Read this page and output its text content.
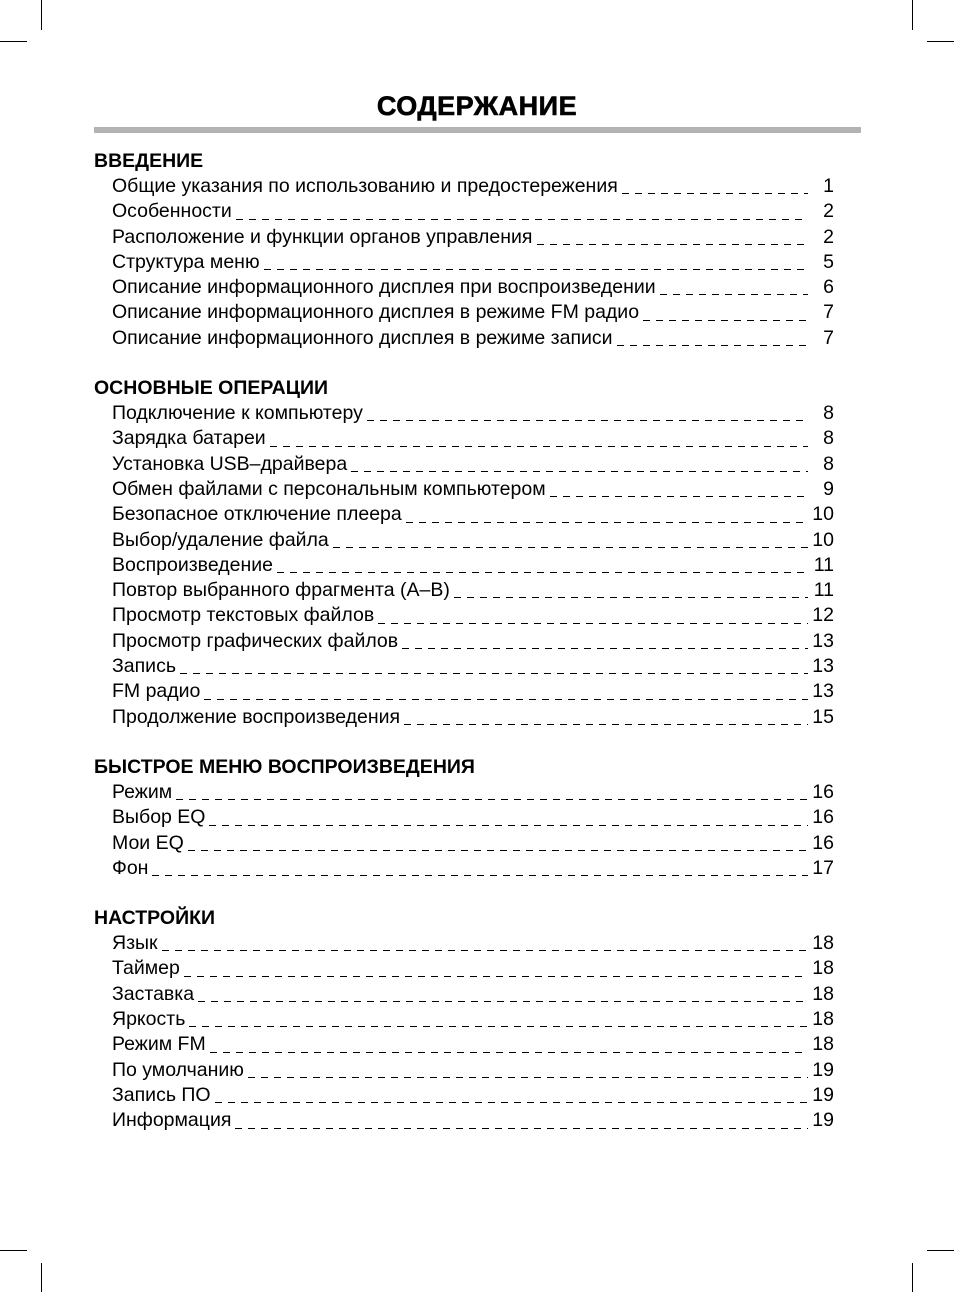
СОДЕРЖАНИЕ
ВВЕДЕНИЕ
Общие указания по использованию и предостережения	1
Особенности	2
Расположение и функции органов управления	2
Структура меню	5
Описание информационного дисплея при воспроизведении	6
Описание информационного дисплея в режиме FM радио	7
Описание информационного дисплея в режиме записи	7
ОСНОВНЫЕ ОПЕРАЦИИ
Подключение к компьютеру	8
Зарядка батареи	8
Установка USB–драйвера	8
Обмен файлами с персональным компьютером	9
Безопасное отключение плеера	10
Выбор/удаление файла	10
Воспроизведение	11
Повтор выбранного фрагмента (A–B)	11
Просмотр текстовых файлов	12
Просмотр графических файлов	13
Запись	13
FM радио	13
Продолжение воспроизведения	15
БЫСТРОЕ МЕНЮ ВОСПРОИЗВЕДЕНИЯ
Режим	16
Выбор EQ	16
Мои EQ	16
Фон	17
НАСТРОЙКИ
Язык	18
Таймер	18
Заставка	18
Яркость	18
Режим FM	18
По умолчанию	19
Запись ПО	19
Информация	19
